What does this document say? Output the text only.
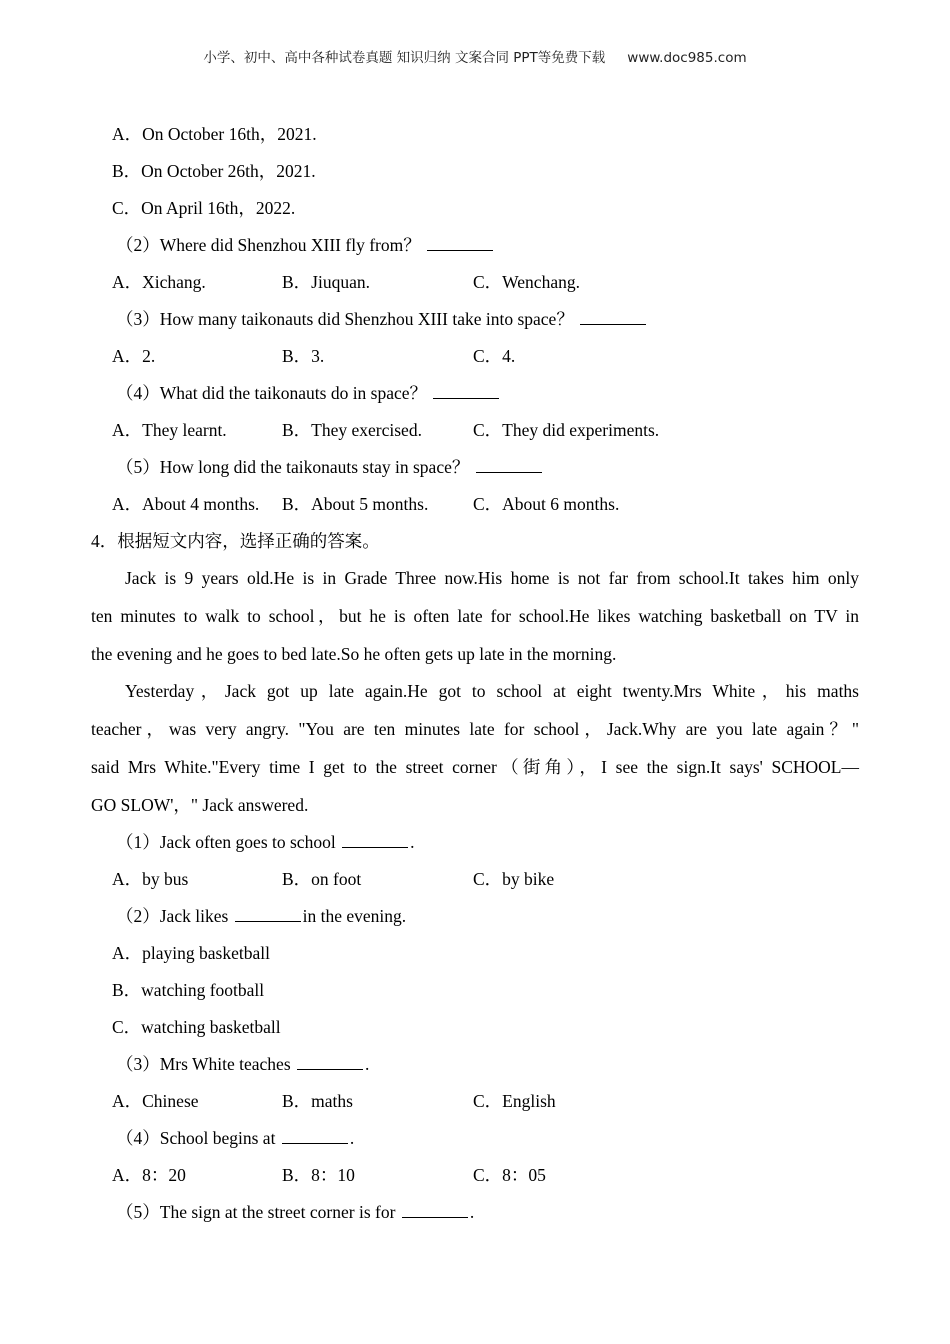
小学、初中、高中各种试卷真题 知识归纳 文案合同 PPT等免费下载 www.doc985.com
A．On October 16th，2021.
B．On October 26th，2021.
C．On April 16th，2022.
（2）Where did Shenzhou XIII fly from？
A．Xichang.	B．Jiuquan.	C．Wenchang.
（3）How many taikonauts did Shenzhou XIII take into space？
A．2.	B．3.	C．4.
（4）What did the taikonauts do in space？
A．They learnt.	B．They exercised.	C．They did experiments.
（5）How long did the taikonauts stay in space？
A．About 4 months. B．About 5 months.	C．About 6 months.
4．根据短文内容，选择正确的答案。
Jack is 9 years old.He is in Grade Three now.His home is not far from school.It takes him only
ten minutes to walk to school，but he is often late for school.He likes watching basketball on TV in
the evening and he goes to bed late.So he often gets up late in the morning.
Yesterday，Jack got up late again.He got to school at eight twenty.Mrs White，his maths
teacher，was very angry. "You are ten minutes late for school，Jack.Why are you late again？"
said Mrs White."Every time I get to the street corner（街角），I see the sign.It says' SCHOOL—
GO SLOW'，" Jack answered.
（1）Jack often goes to school	.
A．by bus	B．on foot	C．by bike
（2）Jack likes	in the evening.
A．playing basketball
B．watching football
C．watching basketball
（3）Mrs White teaches	.
A．Chinese	B．maths	C．English
（4）School begins at	.
A．8：20	B．8：10	C．8：05
（5）The sign at the street corner is for	.
